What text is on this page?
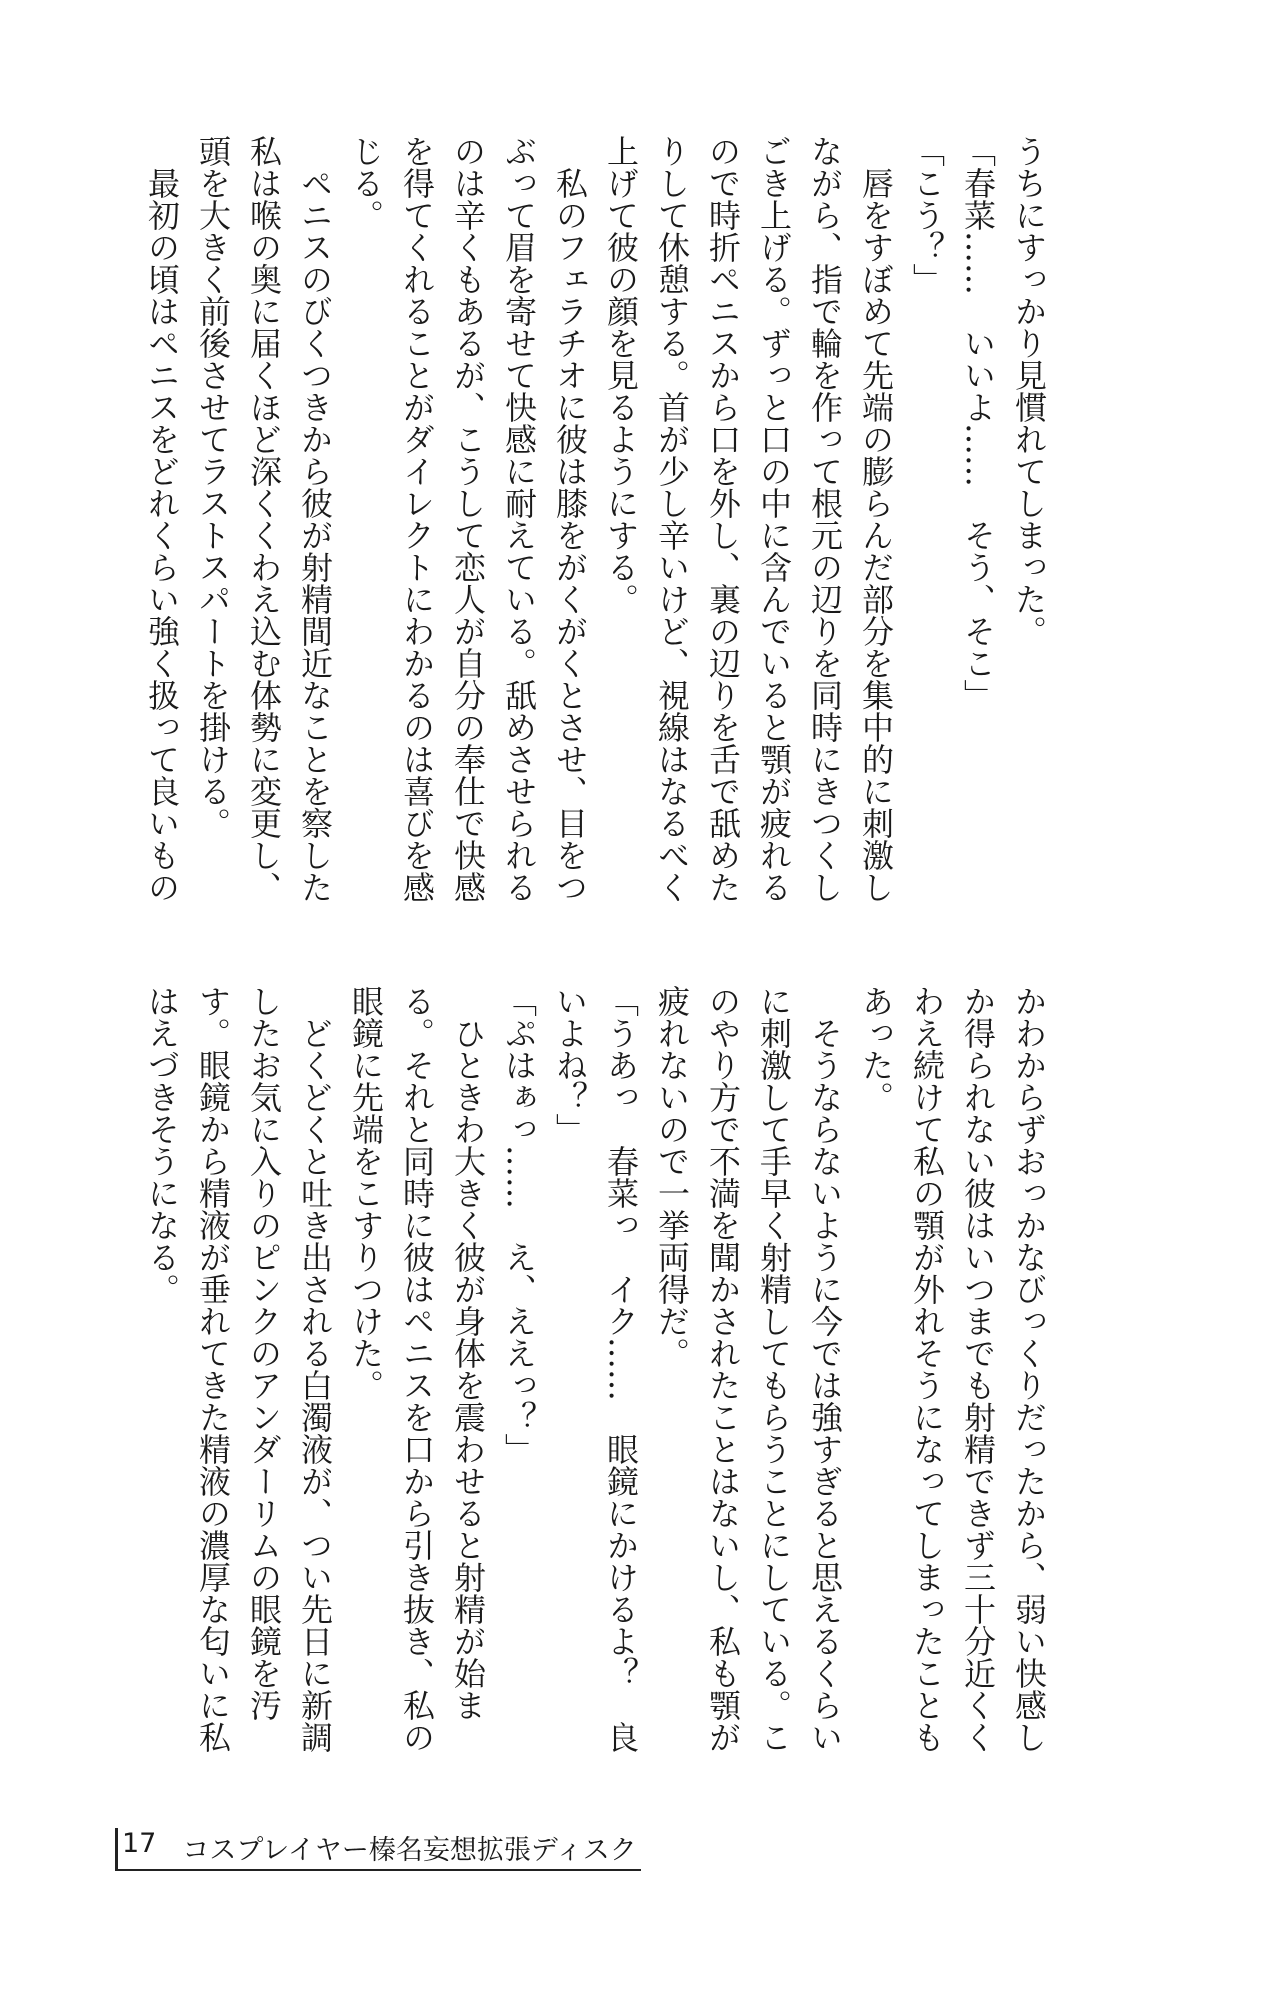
うちにすっかり見慣れてしまった。
「春菜……　いいよ……　そう、そこ」
「こう？」
　唇をすぼめて先端の膨らんだ部分を集中的に刺激し
ながら、指で輪を作って根元の辺りを同時にきつくし
ごき上げる。ずっと口の中に含んでいると顎が疲れる
ので時折ペニスから口を外し、裏の辺りを舌で舐めた
りして休憩する。首が少し辛いけど、視線はなるべく
上げて彼の顔を見るようにする。
　私のフェラチオに彼は膝をがくがくとさせ、目をつ
ぶって眉を寄せて快感に耐えている。舐めさせられる
のは辛くもあるが、こうして恋人が自分の奉仕で快感
を得てくれることがダイレクトにわかるのは喜びを感
じる。
　ペニスのびくつきから彼が射精間近なことを察した
私は喉の奥に届くほど深くくわえ込む体勢に変更し、
頭を大きく前後させてラストスパートを掛ける。
　最初の頃はペニスをどれくらい強く扱って良いもの
かわからずおっかなびっくりだったから、弱い快感し
か得られない彼はいつまでも射精できず三十分近くく
わえ続けて私の顎が外れそうになってしまったことも
あった。
　そうならないように今では強すぎると思えるくらい
に刺激して手早く射精してもらうことにしている。こ
のやり方で不満を聞かされたことはないし、私も顎が
疲れないので一挙両得だ。
「うあっ　春菜っ　イク……　眼鏡にかけるよ？　良
いよね？」
「ぷはぁっ……　え、ええっ？」
　ひときわ大きく彼が身体を震わせると射精が始ま
る。それと同時に彼はペニスを口から引き抜き、私の
眼鏡に先端をこすりつけた。
　どくどくと吐き出される白濁液が、つい先日に新調
したお気に入りのピンクのアンダーリムの眼鏡を汚
す。眼鏡から精液が垂れてきた精液の濃厚な匂いに私
はえづきそうになる。
17 コスプレイヤー榛名妄想拡張ディスク
